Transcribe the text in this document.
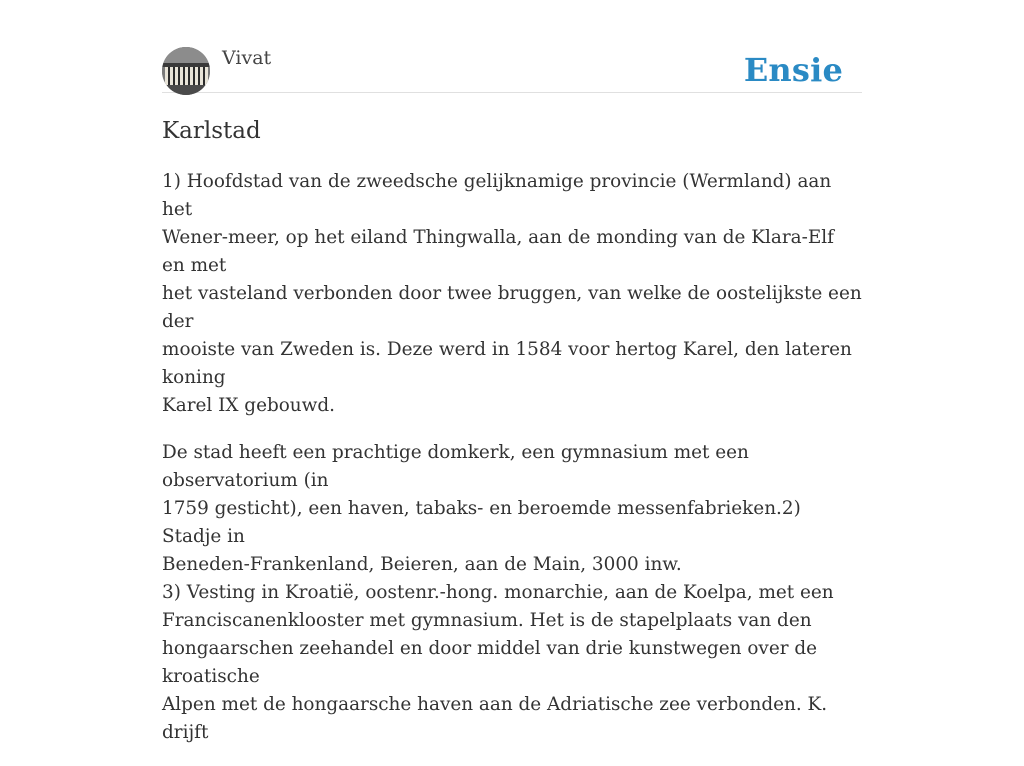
Vivat	Ensie
Karlstad

1) Hoofdstad van de zweedsche gelijknamige provincie (Wermland) aan het
Wener-meer, op het eiland Thingwalla, aan de monding van de Klara-Elf en met
het vasteland verbonden door twee bruggen, van welke de oostelijkste een der
mooiste van Zweden is. Deze werd in 1584 voor hertog Karel, den lateren koning
Karel IX gebouwd.

De stad heeft een prachtige domkerk, een gymnasium met een observatorium (in
1759 gesticht), een haven, tabaks- en beroemde messenfabrieken.2) Stadje in
Beneden-Frankenland, Beieren, aan de Main, 3000 inw.
3) Vesting in Kroatië, oostenr.-hong. monarchie, aan de Koelpa, met een
Franciscanenklooster met gymnasium. Het is de stapelplaats van den
hongaarschen zeehandel en door middel van drie kunstwegen over de kroatische
Alpen met de hongaarsche haven aan de Adriatische zee verbonden. K. drijft
